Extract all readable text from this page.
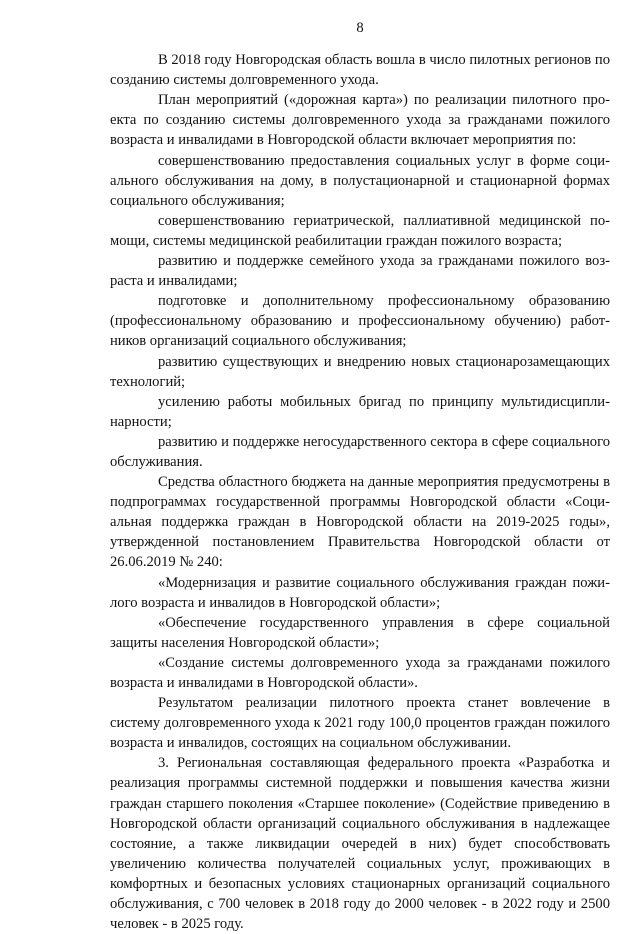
8

В 2018 году Новгородская область вошла в число пилотных регионов по созданию системы долговременного ухода.

План мероприятий («дорожная карта») по реализации пилотного проекта по созданию системы долговременного ухода за гражданами пожилого возраста и инвалидами в Новгородской области включает мероприятия по:

совершенствованию предоставления социальных услуг в форме социального обслуживания на дому, в полустационарной и стационарной формах социального обслуживания;

совершенствованию гериатрической, паллиативной медицинской помощи, системы медицинской реабилитации граждан пожилого возраста;

развитию и поддержке семейного ухода за гражданами пожилого возраста и инвалидами;

подготовке и дополнительному профессиональному образованию (профессиональному образованию и профессиональному обучению) работников организаций социального обслуживания;

развитию существующих и внедрению новых стационарозамещающих технологий;

усилению работы мобильных бригад по принципу мультидисциплинарности;

развитию и поддержке негосударственного сектора в сфере социального обслуживания.

Средства областного бюджета на данные мероприятия предусмотрены в подпрограммах государственной программы Новгородской области «Социальная поддержка граждан в Новгородской области на 2019-2025 годы», утвержденной постановлением Правительства Новгородской области от 26.06.2019 № 240:

«Модернизация и развитие социального обслуживания граждан пожилого возраста и инвалидов в Новгородской области»;

«Обеспечение государственного управления в сфере социальной защиты населения Новгородской области»;

«Создание системы долговременного ухода за гражданами пожилого возраста и инвалидами в Новгородской области».

Результатом реализации пилотного проекта станет вовлечение в систему долговременного ухода к 2021 году 100,0 процентов граждан пожилого возраста и инвалидов, состоящих на социальном обслуживании.

3. Региональная составляющая федерального проекта «Разработка и реализация программы системной поддержки и повышения качества жизни граждан старшего поколения «Старшее поколение» (Содействие приведению в Новгородской области организаций социального обслуживания в надлежащее состояние, а также ликвидации очередей в них) будет способствовать увеличению количества получателей социальных услуг, проживающих в комфортных и безопасных условиях стационарных организаций социального обслуживания, с 700 человек в 2018 году до 2000 человек - в 2022 году и 2500 человек - в 2025 году.
